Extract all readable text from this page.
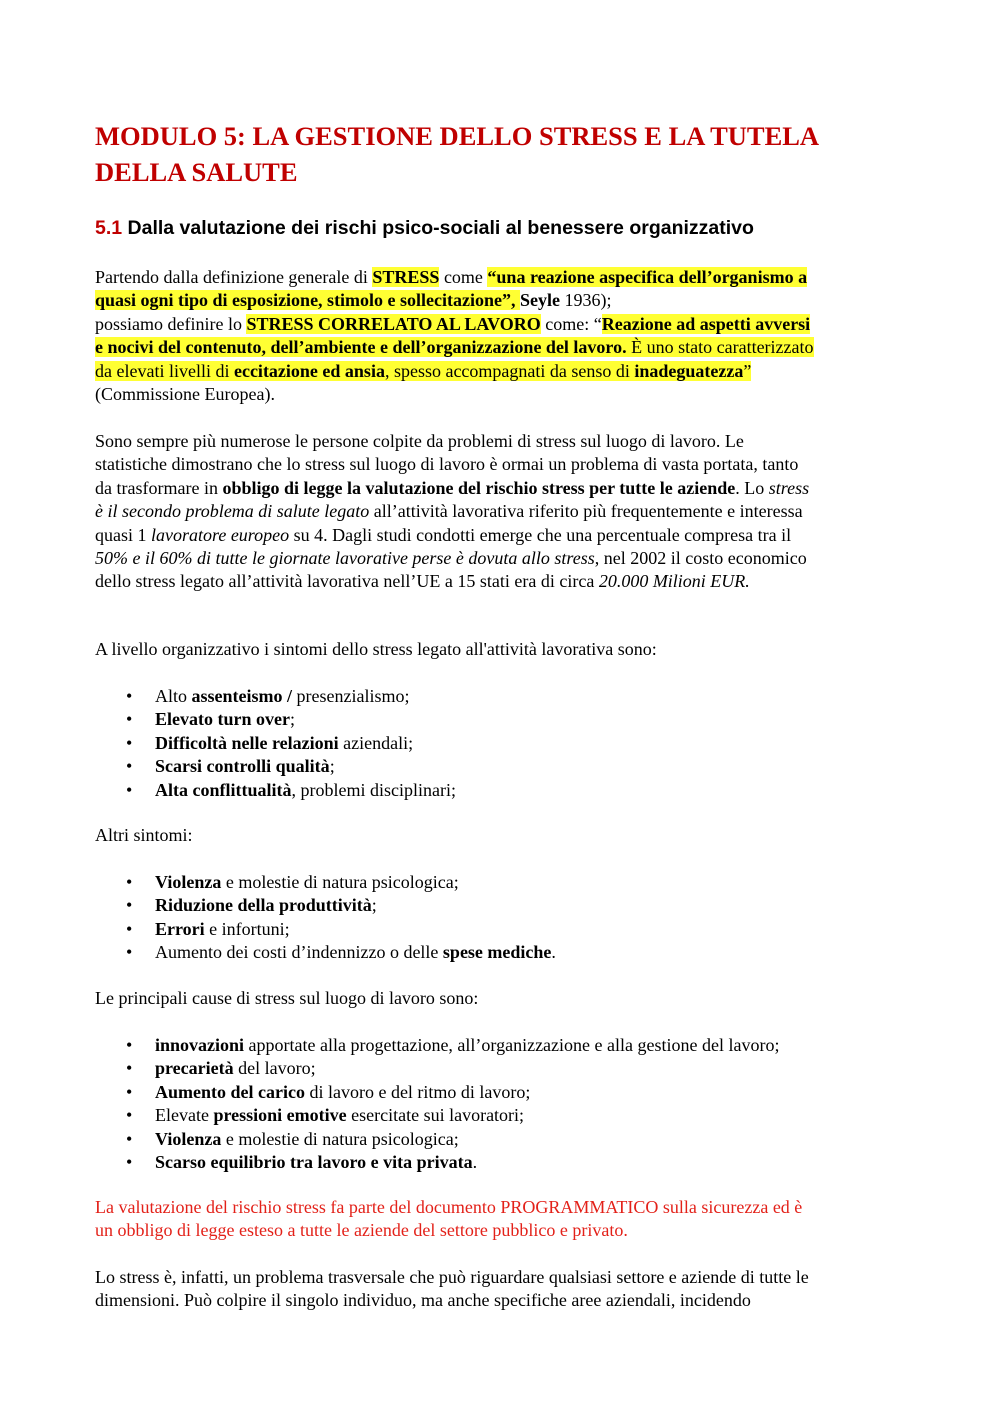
MODULO 5: LA GESTIONE DELLO STRESS E LA TUTELA
DELLA SALUTE
5.1 Dalla valutazione dei rischi psico-sociali al benessere organizzativo

Partendo dalla definizione generale di STRESS come “una reazione aspecifica dell’organismo a
quasi ogni tipo di esposizione, stimolo e sollecitazione”, Seyle 1936);
possiamo definire lo STRESS CORRELATO AL LAVORO come: “Reazione ad aspetti avversi
e nocivi del contenuto, dell’ambiente e dell’organizzazione del lavoro. È uno stato caratterizzato
da elevati livelli di eccitazione ed ansia, spesso accompagnati da senso di inadeguatezza”
(Commissione Europea).

Sono sempre più numerose le persone colpite da problemi di stress sul luogo di lavoro. Le
statistiche dimostrano che lo stress sul luogo di lavoro è ormai un problema di vasta portata, tanto
da trasformare in obbligo di legge la valutazione del rischio stress per tutte le aziende. Lo stress
è il secondo problema di salute legato all’attività lavorativa riferito più frequentemente e interessa
quasi 1 lavoratore europeo su 4. Dagli studi condotti emerge che una percentuale compresa tra il
50% e il 60% di tutte le giornate lavorative perse è dovuta allo stress, nel 2002 il costo economico
dello stress legato all’attività lavorativa nell’UE a 15 stati era di circa 20.000 Milioni EUR.

A livello organizzativo i sintomi dello stress legato all'attività lavorativa sono:

• Alto assenteismo / presenzialismo;
• Elevato turn over;
• Difficoltà nelle relazioni aziendali;
• Scarsi controlli qualità;
• Alta conflittualità, problemi disciplinari;

Altri sintomi:

• Violenza e molestie di natura psicologica;
• Riduzione della produttività;
• Errori e infortuni;
• Aumento dei costi d’indennizzo o delle spese mediche.

Le principali cause di stress sul luogo di lavoro sono:

• innovazioni apportate alla progettazione, all’organizzazione e alla gestione del lavoro;
• precarietà del lavoro;
• Aumento del carico di lavoro e del ritmo di lavoro;
• Elevate pressioni emotive esercitate sui lavoratori;
• Violenza e molestie di natura psicologica;
• Scarso equilibrio tra lavoro e vita privata.

La valutazione del rischio stress fa parte del documento PROGRAMMATICO sulla sicurezza ed è
un obbligo di legge esteso a tutte le aziende del settore pubblico e privato.

Lo stress è, infatti, un problema trasversale che può riguardare qualsiasi settore e aziende di tutte le
dimensioni. Può colpire il singolo individuo, ma anche specifiche aree aziendali, incidendo
